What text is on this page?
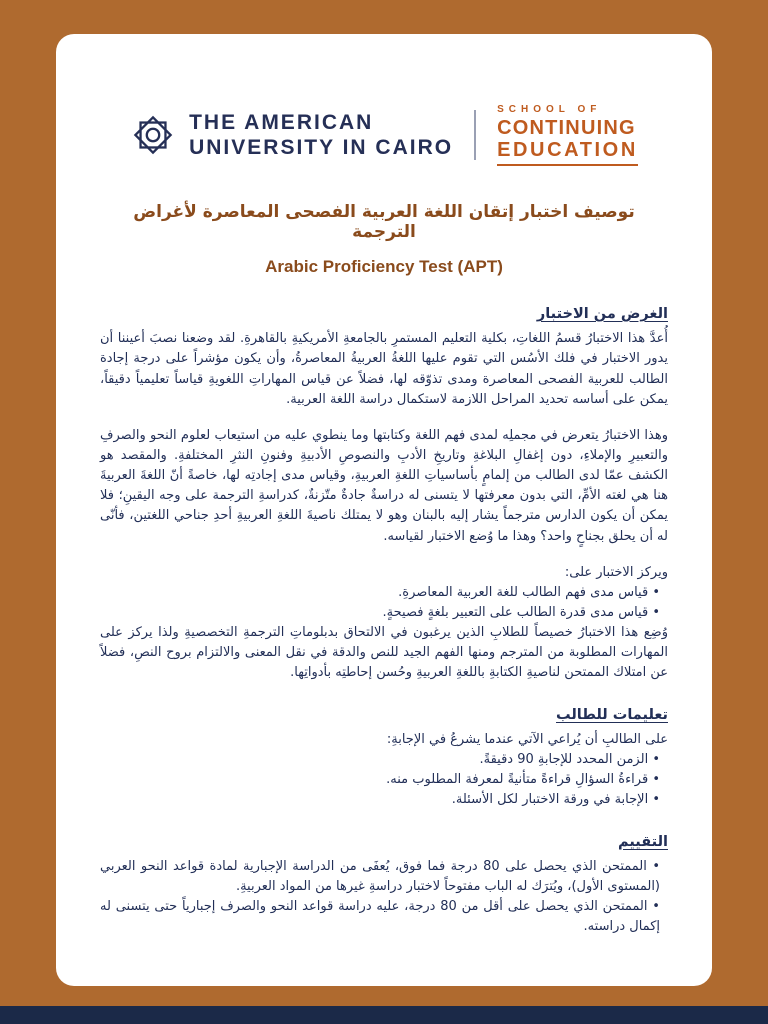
THE AMERICAN
UNIVERSITY IN CAIRO
SCHOOL OF
CONTINUING
EDUCATION
توصيف اختبار إتقان اللغة العربية الفصحى المعاصرة لأغراض الترجمة
Arabic Proficiency Test (APT)
الغرض من الاختبار

أُعدَّ هذا الاختبارُ قسمُ اللغاتِ، بكلية التعليم المستمرِ بالجامعةِ الأمريكيةِ بالقاهرةِ. لقد وضعنا نصبَ أعيننا أن يدور الاختبار في فلك الأسُس التي تقوم عليها اللغةُ العربيةُ المعاصرةُ، وأن يكون مؤشراً على درجة إجادة الطالب للعربية الفصحى المعاصرة ومدى تذوّقه لها، فضلاً عن قياس المهاراتِ اللغويةِ قياساً تعليمياً دقيقاً، يمكن على أساسه تحديد المراحل اللازمة لاستكمال دراسة اللغة العربية.

وهذا الاختبارُ يتعرض في مجملِه لمدى فهم اللغة وكتابتها وما ينطوي عليه من استيعاب لعلوم النحو والصرفِ والتعبيرِ والإملاءِ، دون إغفالِ البلاغةِ وتاريخِ الأدبِ والنصوصِ الأدبيةِ وفنونِ النثرِ المختلفةِ. والمقصد هو الكشف عمّا لدى الطالب من إلمامٍ بأساسياتِ اللغةِ العربيةِ، وقياس مدى إجادتِه لها، خاصةً أنّ اللغةَ العربيةَ هنا هي لغته الأمِّ، التي بدون معرفتها لا يتسنى له دراسةٌ جادةٌ متّزنةٌ، كدراسةِ الترجمة على وجه اليقينِ؛ فلا يمكن أن يكون الدارس مترجماً يشار إليه بالبنان وهو لا يمتلك ناصيةَ اللغةِ العربيةِ أحدِ جناحي اللغتين، فأنّى له أن يحلق بجناحٍ واحد؟ وهذا ما وُضع الاختبار لقياسه.

ويركز الاختبار على:

• قياس مدى فهم الطالب للغة العربية المعاصرةِ.
• قياس مدى قدرة الطالب على التعبير بلغةٍ فصيحةٍ.

وُضِع هذا الاختبارُ خصيصاً للطلابِ الذين يرغبون في الالتحاق بدبلوماتِ الترجمةِ التخصصيةِ ولذا يركز على المهارات المطلوبة من المترجم ومنها الفهم الجيد للنص والدقة في نقل المعنى والالتزام بروح النصِ، فضلاً عن امتلاك الممتحن لناصيةِ الكتابةِ باللغةِ العربيةِ وحُسن إحاطتِه بأدواتِها.

تعليمات للطالب

على الطالبِ أن يُراعي الآتي عندما يشرعُ في الإجابةِ:

• الزمن المحدد للإجابةِ 90 دقيقةً.
• قراءةُ السؤالِ قراءةً متأنيةً لمعرفة المطلوب منه.
• الإجابة في ورقة الاختبار لكل الأسئلة.
التقييم
• الممتحن الذي يحصل على 80 درجة فما فوق، يُعفَى من الدراسة الإجبارية لمادة قواعد النحو العربي (المستوى الأول)، ويُترَك له الباب مفتوحاً لاختبار دراسةِ غيرها من المواد العربيةِ.
• الممتحن الذي يحصل على أقل من 80 درجة، عليه دراسة قواعد النحو والصرف إجبارياً حتى يتسنى له إكمال دراسته.
